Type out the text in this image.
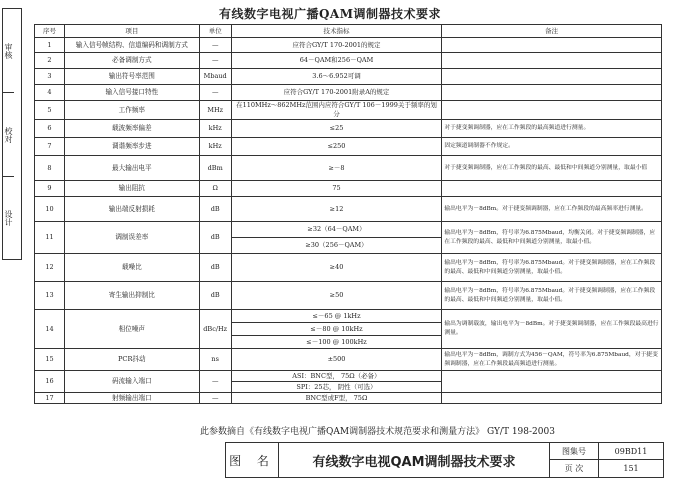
审核
校对
设计
有线数字电视广播QAM调制器技术要求
序号	项目	单位	技术指标	备注
1	输入信号帧结构、信道编码和调制方式	—	应符合GY/T 170-2001的规定	
2	必备调制方式	—	64－QAM和256－QAM	
3	输出符号率范围	Mbaud	3.6～6.952可调	
4	输入信号接口特性	—	应符合GY/T 170-2001附录A的规定	
5	工作频率	MHz	在110MHz～862MHz范围内应符合GY/T 106－1999关于频率的划分	
6	载波频率偏差	kHz	≤25	对于捷变频调制器，应在工作频段的最高频道进行测量。
7	调谐频率步进	kHz	≤250	固定频道调制器不作规定。
8	最大输出电平	dBm	≥－8	对于捷变频调制器，应在工作频段的最高、最低和中间频道分别测量，取最小值
9	输出阻抗	Ω	75	
10	输出端反射损耗	dB	≥12	输出电平为－8dBm。对于捷变频调制器，应在工作频段的最高频率进行测量。
11	调制误差率	dB	≥32（64－QAM）	输出电平为－8dBm，符号率为6.875Mbaud，均衡关闭。对于捷变频调制器，应在工作频段的最高、最低和中间频道分别测量，取最小值。
			≥30（256－QAM）	
12	载噪比	dB	≥40	输出电平为－8dBm，符号率为6.875Mbaud。对于捷变频调制器，应在工作频段的最高、最低和中间频道分别测量，取最小值。
13	寄生输出抑制比	dB	≥50	输出电平为－8dBm，符号率为6.875Mbaud。对于捷变频调制器，应在工作频段的最高、最低和中间频道分别测量，取最小值。
14	相位噪声	dBc/Hz	≤－65 @ 1kHz	输出为调制载波，输出电平为－8dBm。对于捷变频调制器，应在工作频段最高进行测量。
			≤－80 @ 10kHz	
			≤－100 @ 100kHz	
15	PCR抖动	ns	±500	输出电平为－8dBm，调制方式为456－QAM，符号率为6.875Mbaud，对于捷变频调制器，应在工作频段最高频道进行测量。
16	码流输入端口	—	ASI：BNC型， 75Ω（必备）	
			SPI：25芯， 阴性（可选）	
17	射频输出端口	—	BNC型或F型， 75Ω	
此参数摘自《有线数字电视广播QAM调制器技术规范要求和测量方法》 GY/T 198-2003
图 名	有线数字电视QAM调制器技术要求
图集号	09BD11
页 次	151
